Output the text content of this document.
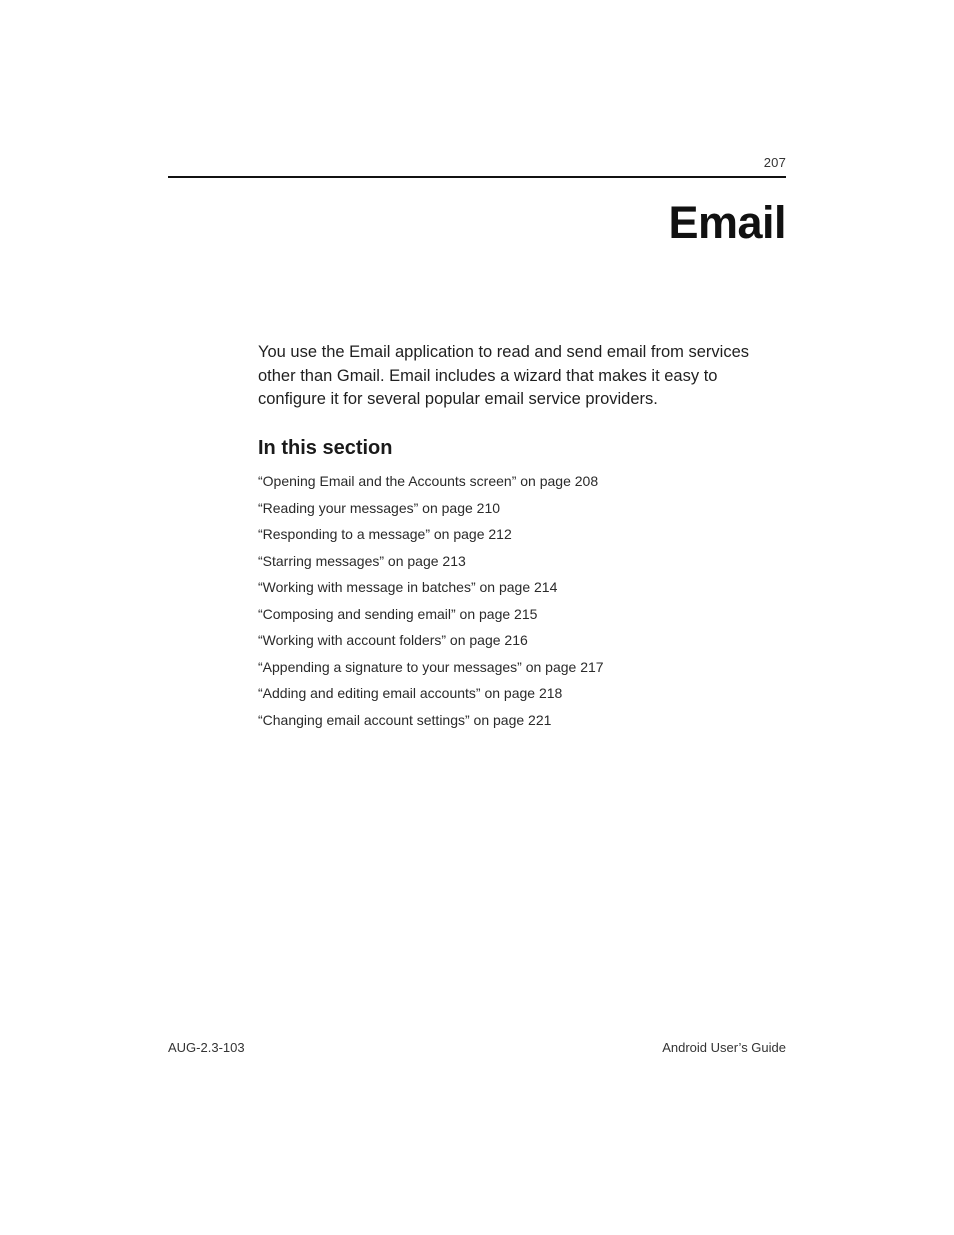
207
Email

You use the Email application to read and send email from services other than Gmail. Email includes a wizard that makes it easy to configure it for several popular email service providers.

In this section
“Opening Email and the Accounts screen” on page 208
“Reading your messages” on page 210
“Responding to a message” on page 212
“Starring messages” on page 213
“Working with message in batches” on page 214
“Composing and sending email” on page 215
“Working with account folders” on page 216
“Appending a signature to your messages” on page 217
“Adding and editing email accounts” on page 218
“Changing email account settings” on page 221
AUG-2.3-103	Android User’s Guide
